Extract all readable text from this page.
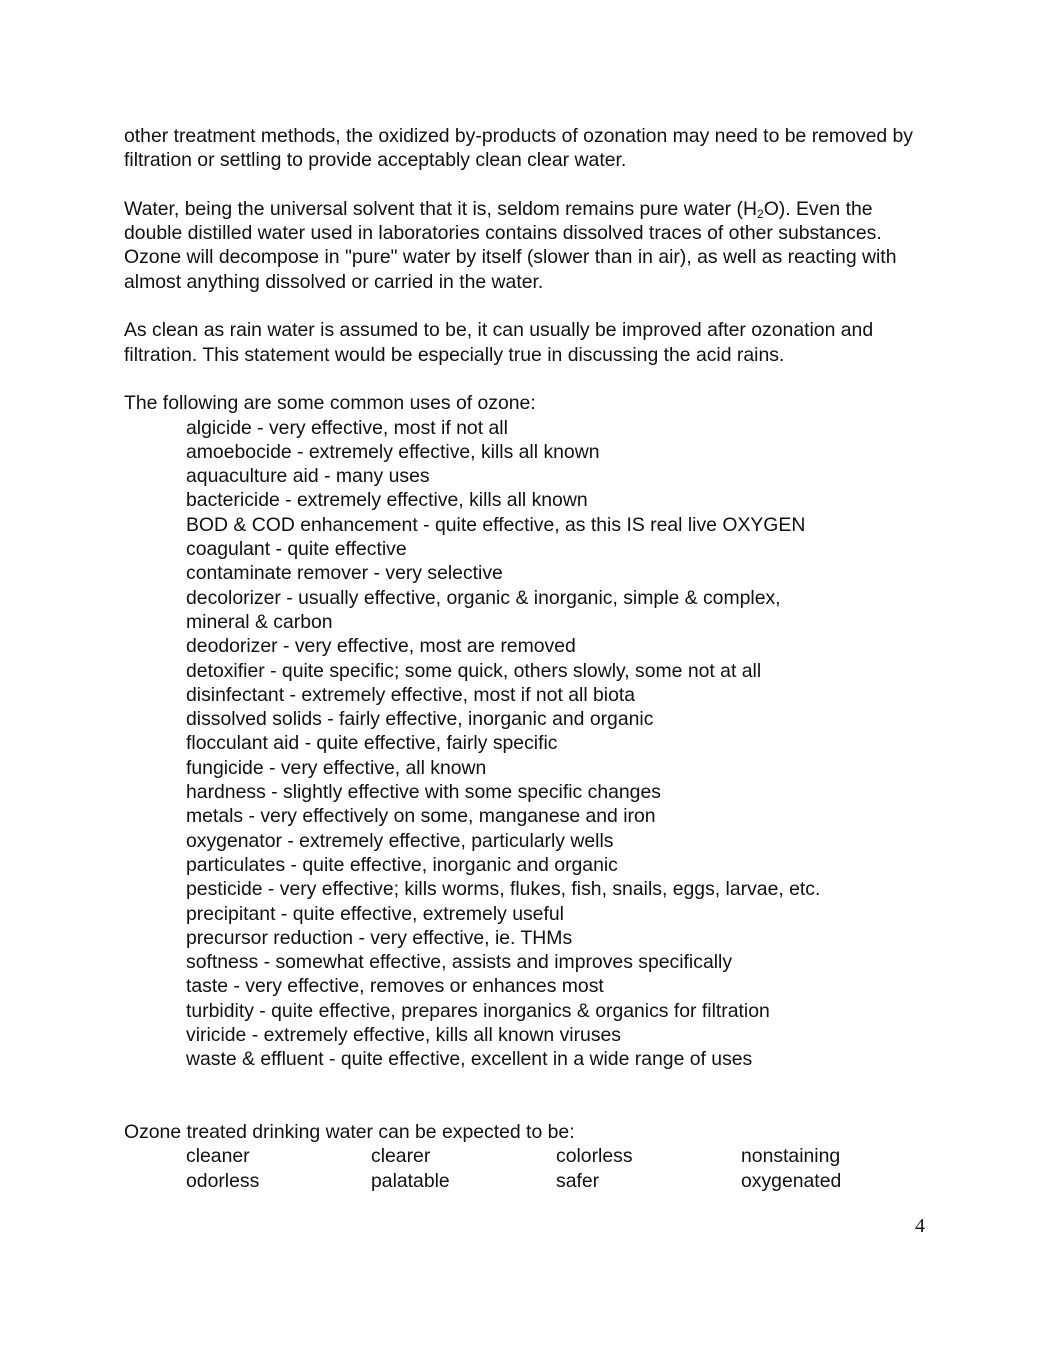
other treatment methods, the oxidized by-products of ozonation may need to be removed by filtration or settling to provide acceptably clean clear water.

Water, being the universal solvent that it is, seldom remains pure water $(H_2O)$. Even the double distilled water used in laboratories contains dissolved traces of other substances. Ozone will decompose in "pure" water by itself (slower than in air), as well as reacting with almost anything dissolved or carried in the water.

As clean as rain water is assumed to be, it can usually be improved after ozonation and filtration. This statement would be especially true in discussing the acid rains.

The following are some common uses of ozone:
algicide - very effective, most if not all
amoebocide - extremely effective, kills all known
aquaculture aid - many uses
bactericide - extremely effective, kills all known
BOD & COD enhancement - quite effective, as this IS real live OXYGEN
coagulant - quite effective
contaminate remover - very selective
decolorizer - usually effective, organic & inorganic, simple & complex,
mineral & carbon
deodorizer - very effective, most are removed
detoxifier - quite specific; some quick, others slowly, some not at all
disinfectant - extremely effective, most if not all biota
dissolved solids - fairly effective, inorganic and organic
flocculant aid - quite effective, fairly specific
fungicide - very effective, all known
hardness - slightly effective with some specific changes
metals - very effectively on some, manganese and iron
oxygenator - extremely effective, particularly wells
particulates - quite effective, inorganic and organic
pesticide - very effective; kills worms, flukes, fish, snails, eggs, larvae, etc.
precipitant - quite effective, extremely useful
precursor reduction - very effective, ie. THMs
softness - somewhat effective, assists and improves specifically
taste - very effective, removes or enhances most
turbidity - quite effective, prepares inorganics & organics for filtration
viricide - extremely effective, kills all known viruses
waste & effluent - quite effective, excellent in a wide range of uses
Ozone treated drinking water can be expected to be:
cleaner	clearer	colorless	nonstaining
odorless	palatable	safer	oxygenated
4
